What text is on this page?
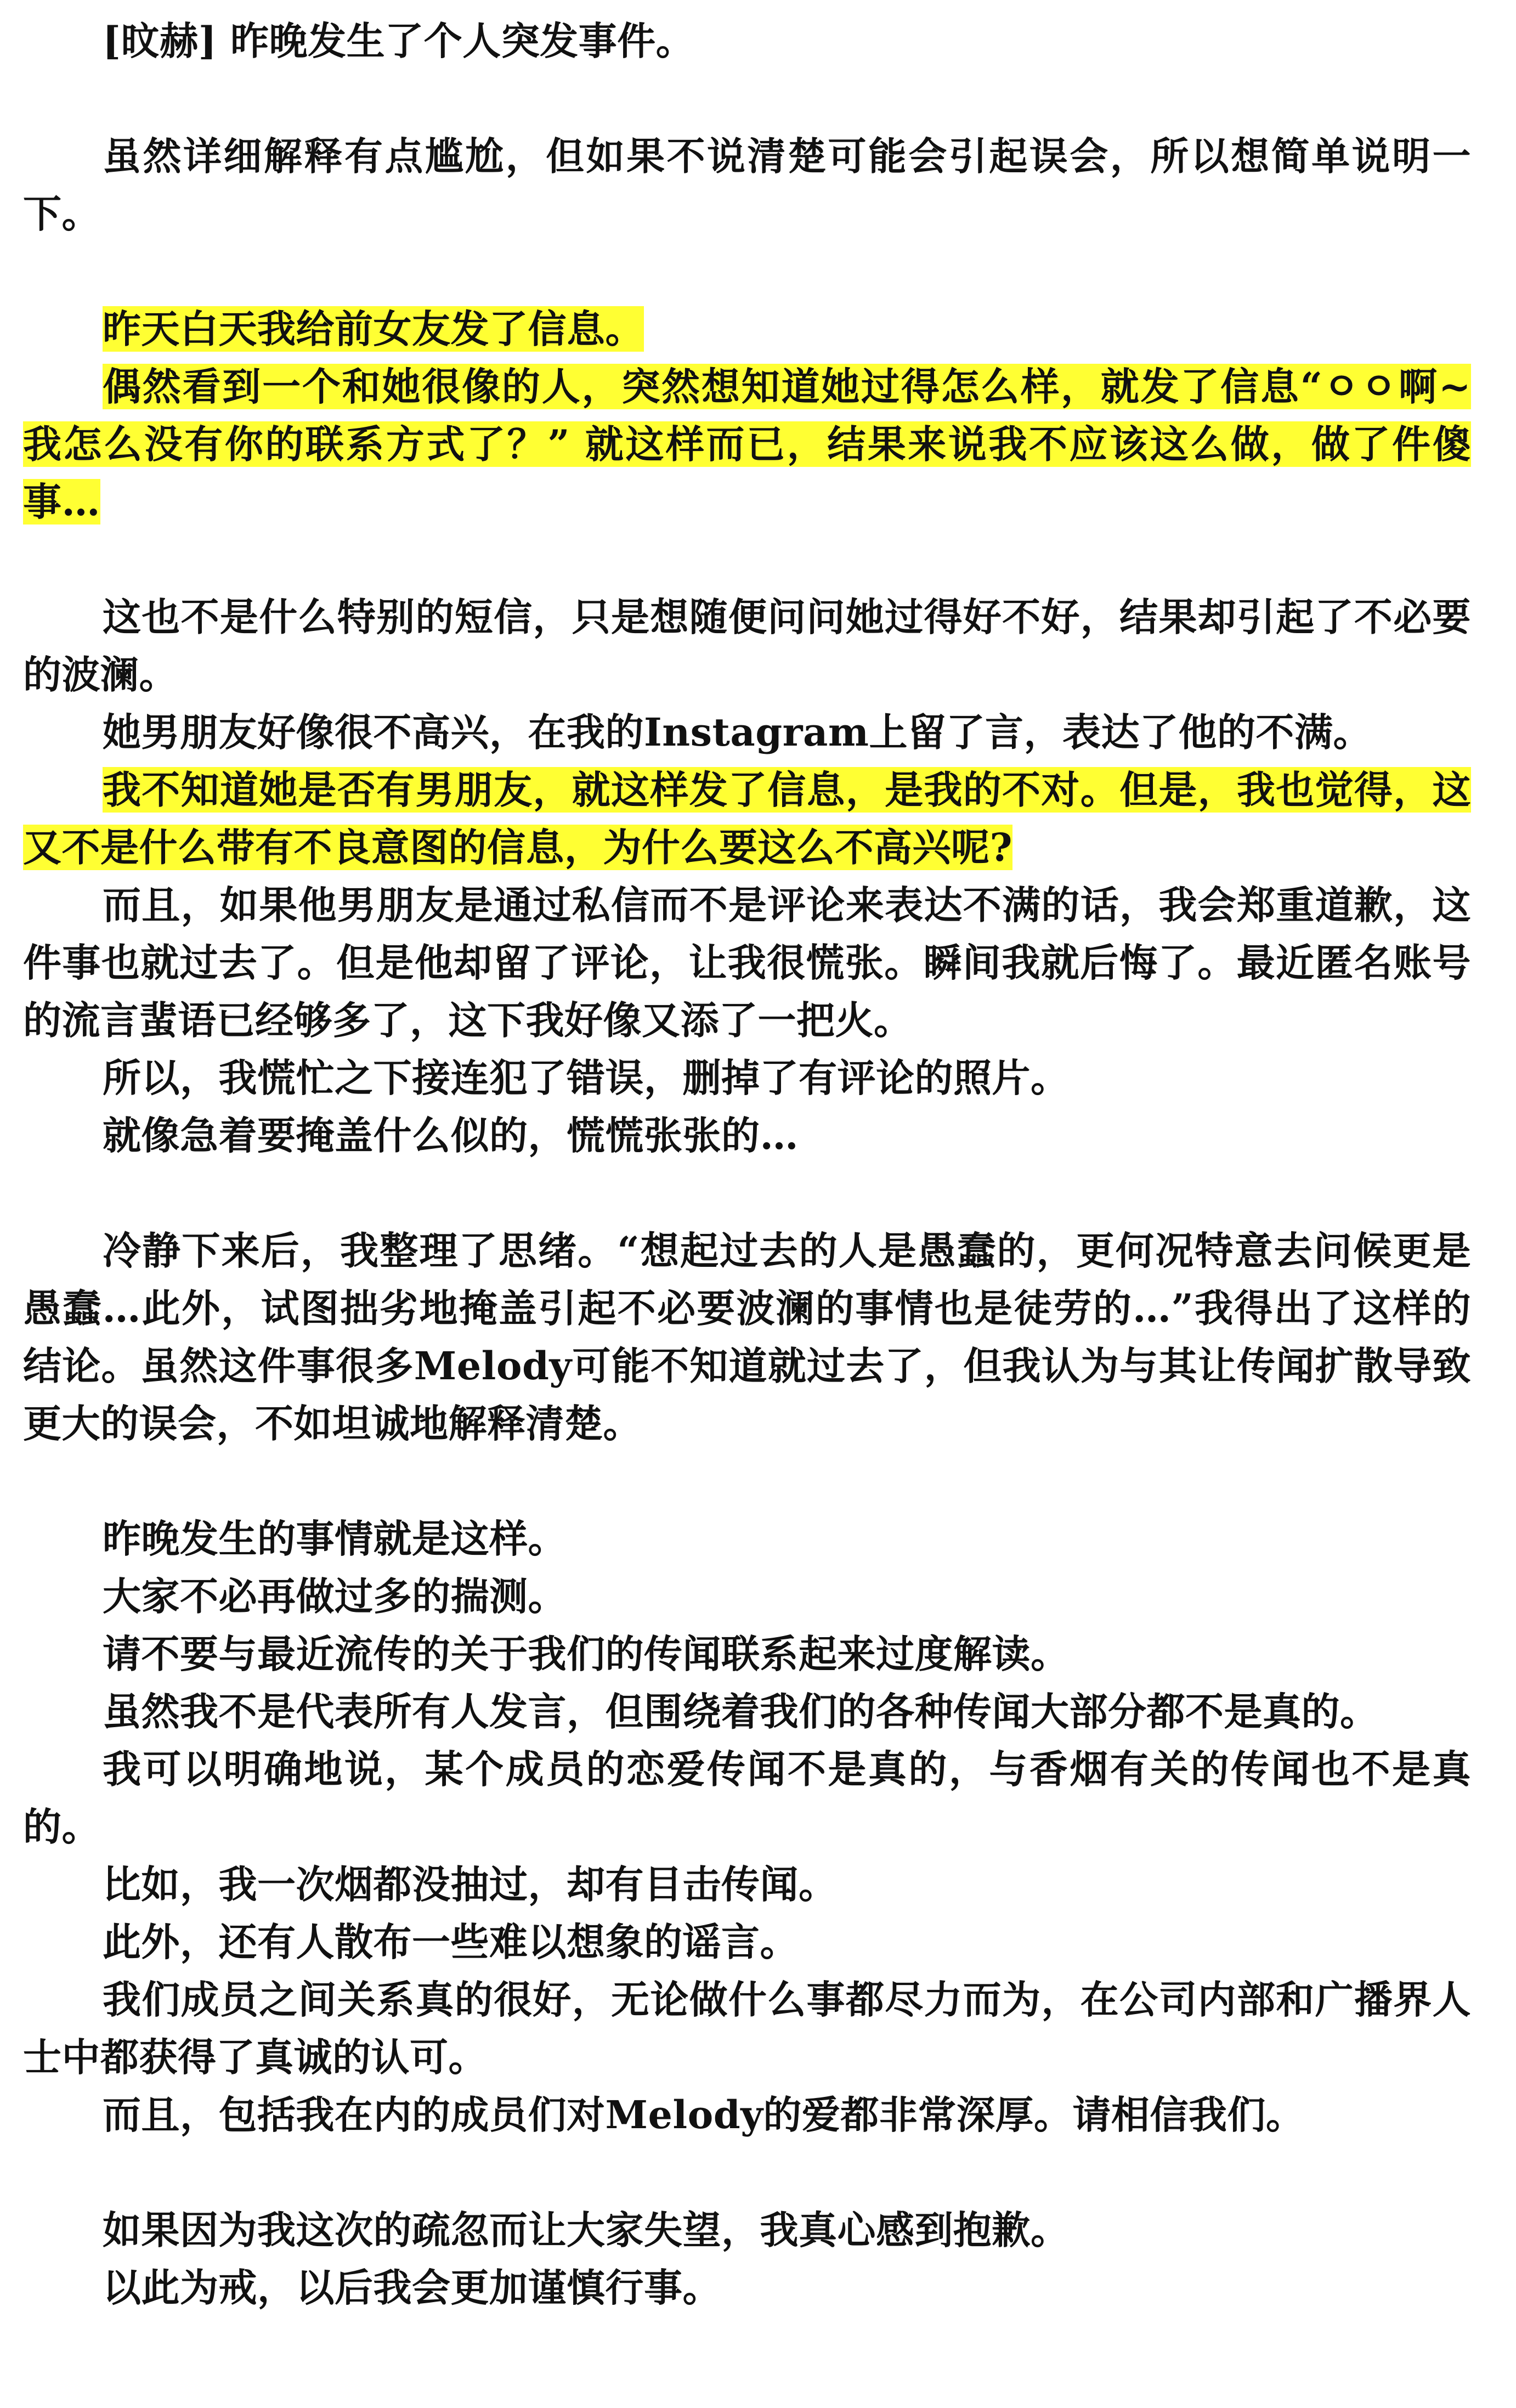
[旼赫] 昨晚发生了个人突发事件。

虽然详细解释有点尴尬，但如果不说清楚可能会引起误会，所以想简单说明一下。

昨天白天我给前女友发了信息。

偶然看到一个和她很像的人，突然想知道她过得怎么样，就发了信息“ㅇㅇ啊~ 我怎么没有你的联系方式了？” 就这样而已，结果来说我不应该这么做，做了件傻事…

这也不是什么特别的短信，只是想随便问问她过得好不好，结果却引起了不必要的波澜。

她男朋友好像很不高兴，在我的Instagram上留了言，表达了他的不满。

我不知道她是否有男朋友，就这样发了信息，是我的不对。但是，我也觉得，这又不是什么带有不良意图的信息，为什么要这么不高兴呢?

而且，如果他男朋友是通过私信而不是评论来表达不满的话，我会郑重道歉，这件事也就过去了。但是他却留了评论，让我很慌张。瞬间我就后悔了。最近匿名账号的流言蜚语已经够多了，这下我好像又添了一把火。

所以，我慌忙之下接连犯了错误，删掉了有评论的照片。

就像急着要掩盖什么似的，慌慌张张的…

冷静下来后，我整理了思绪。“想起过去的人是愚蠢的，更何况特意去问候更是愚蠢…此外，试图拙劣地掩盖引起不必要波澜的事情也是徒劳的…”我得出了这样的结论。虽然这件事很多Melody可能不知道就过去了，但我认为与其让传闻扩散导致更大的误会，不如坦诚地解释清楚。

昨晚发生的事情就是这样。

大家不必再做过多的揣测。

请不要与最近流传的关于我们的传闻联系起来过度解读。

虽然我不是代表所有人发言，但围绕着我们的各种传闻大部分都不是真的。

我可以明确地说，某个成员的恋爱传闻不是真的，与香烟有关的传闻也不是真的。

比如，我一次烟都没抽过，却有目击传闻。

此外，还有人散布一些难以想象的谣言。

我们成员之间关系真的很好，无论做什么事都尽力而为，在公司内部和广播界人士中都获得了真诚的认可。

而且，包括我在内的成员们对Melody的爱都非常深厚。请相信我们。

如果因为我这次的疏忽而让大家失望，我真心感到抱歉。

以此为戒，以后我会更加谨慎行事。
